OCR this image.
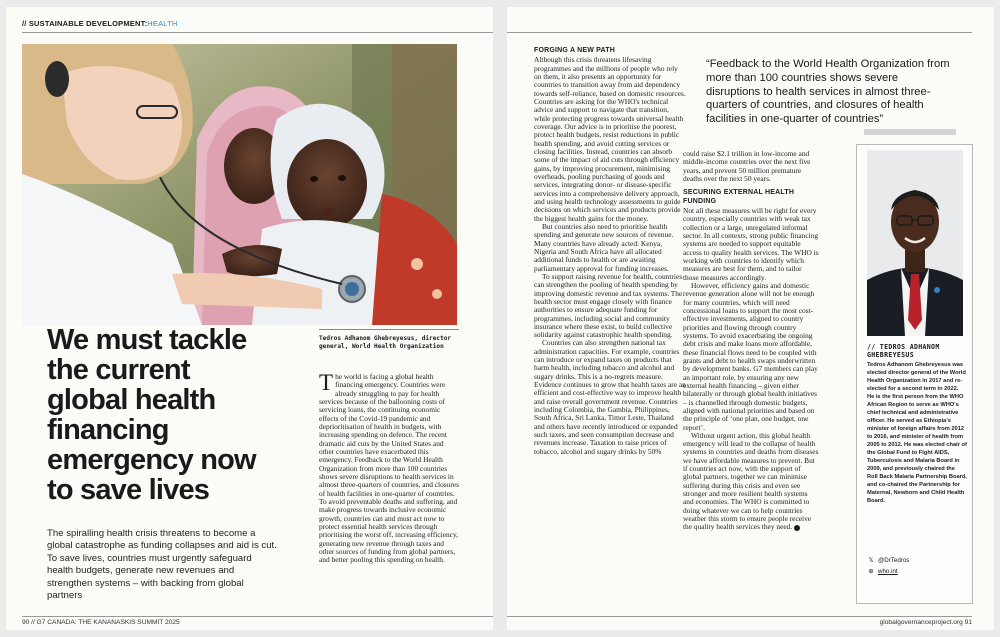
// SUSTAINABLE DEVELOPMENT:HEALTH
We must tackle the current global health financing emergency now to save lives
The spiralling health crisis threatens to become a global catastrophe as funding collapses and aid is cut. To save lives, countries must urgently safeguard health budgets, generate new revenues and strengthen systems – with backing from global partners
Tedros Adhanom Ghebreyesus, director general, World Health Organization

The world is facing a global health financing emergency. Countries were already struggling to pay for health services because of the ballooning costs of servicing loans, the continuing economic effects of the Covid-19 pandemic and deprioritisation of health in budgets, with increasing spending on defence. The recent dramatic aid cuts by the United States and other countries have exacerbated this emergency. Feedback to the World Health Organization from more than 100 countries shows severe disruptions to health services in almost three-quarters of countries, and closures of health facilities in one-quarter of countries. To avoid preventable deaths and suffering, and make progress towards inclusive economic growth, countries can and must act now to protect essential health services through prioritising the worst off, increasing efficiency, generating new revenue through taxes and other sources of funding from global partners, and better pooling this spending on health.

90 // G7 CANADA: THE KANANASKIS SUMMIT 2025
FORGING A NEW PATH

Although this crisis threatens lifesaving programmes and the millions of people who rely on them, it also presents an opportunity for countries to transition away from aid dependency towards self-reliance, based on domestic resources. Countries are asking for the WHO's technical advice and support to navigate that transition, while protecting progress towards universal health coverage. Our advice is to prioritise the poorest, protect health budgets, resist reductions in public health spending, and avoid cutting services or closing facilities. Instead, countries can absorb some of the impact of aid cuts through efficiency gains, by improving procurement, minimising overheads, pooling purchasing of goods and services, integrating donor- or disease-specific services into a comprehensive delivery approach, and using health technology assessments to guide decisions on which services and products provide the biggest health gains for the money.

But countries also need to prioritise health spending and generate new sources of revenue. Many countries have already acted: Kenya, Nigeria and South Africa have all allocated additional funds to health or are awaiting parliamentary approval for funding increases.

To support raising revenue for health, countries can strengthen the pooling of health spending by improving domestic revenue and tax systems. The health sector must engage closely with finance authorities to ensure adequate funding for programmes, including social and community insurance where these exist, to build collective solidarity against catastrophic health spending.

Countries can also strengthen national tax administration capacities. For example, countries can introduce or expand taxes on products that harm health, including tobacco and alcohol and sugary drinks. This is a no-regrets measure. Evidence continues to grow that health taxes are an efficient and cost-effective way to improve health and raise overall government revenue. Countries including Colombia, the Gambia, Philippines, South Africa, Sri Lanka, Timor Leste, Thailand and others have recently introduced or expanded such taxes, and seen consumption decrease and revenues increase. Taxation to raise prices of tobacco, alcohol and sugary drinks by 50%

“Feedback to the World Health Organization from more than 100 countries shows severe disruptions to health services in almost three-quarters of countries, and closures of health facilities in one-quarter of countries”

could raise $2.1 trillion in low-income and middle-income countries over the next five years, and prevent 50 million premature deaths over the next 50 years.

SECURING EXTERNAL HEALTH FUNDING

Not all these measures will be right for every country, especially countries with weak tax collection or a large, unregulated informal sector. In all contexts, strong public financing systems are needed to support equitable access to quality health services. The WHO is working with countries to identify which measures are best for them, and to tailor those measures accordingly.

However, efficiency gains and domestic revenue generation alone will not be enough for many countries, which will need concessional loans to support the most cost-effective investments, aligned to country priorities and flowing through country systems. To avoid exacerbating the ongoing debt crisis and make loans more affordable, these financial flows need to be coupled with grants and debt to health swaps underwritten by development banks. G7 members can play an important role, by ensuring any new external health financing – given either bilaterally or through global health initiatives – is channelled through domestic budgets, aligned with national priorities and based on the principle of ‘one plan, one budget, one report’.

Without urgent action, this global health emergency will lead to the collapse of health systems in countries and deaths from diseases we have affordable measures to prevent. But if countries act now, with the support of global partners, together we can minimise suffering during this crisis and even see stronger and more resilient health systems and economies. The WHO is committed to doing whatever we can to help countries weather this storm to ensure people receive the quality health services they need.

// TEDROS ADHANOM GHEBREYESUS
Tedros Adhanom Ghebreyesus was elected director general of the World Health Organization in 2017 and re-elected for a second term in 2022. He is the first person from the WHO African Region to serve as WHO's chief technical and administrative officer. He served as Ethiopia's minister of foreign affairs from 2012 to 2016, and minister of health from 2005 to 2012. He was elected chair of the Global Fund to Fight AIDS, Tuberculosis and Malaria Board in 2009, and previously chaired the Roll Back Malaria Partnership Board, and co-chaired the Partnership for Maternal, Newborn and Child Health Board.
𝕏 @DrTedros
⊕ who.int
globalgovernanceproject.org 91
